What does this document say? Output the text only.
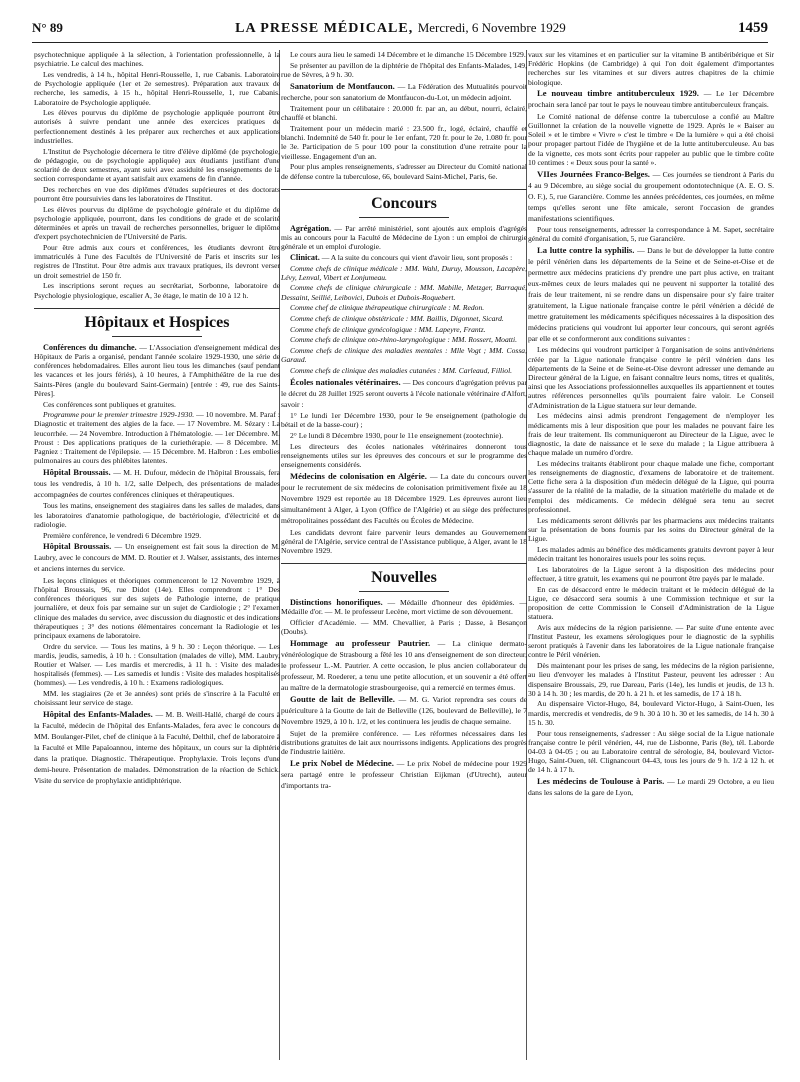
N° 89	LA PRESSE MÉDICALE, Mercredi, 6 Novembre 1929	1459

psychotechnique appliquée à la sélection, à l'orientation professionnelle, à la psychiatrie. Le calcul des machines.

Les vendredis, à 14 h., hôpital Henri-Rousselle, 1, rue Cabanis. Laboratoire de Psychologie appliquée (1er et 2e semestres). Préparation aux travaux de recherche, les samedis, à 15 h., hôpital Henri-Rousselle, 1, rue Cabanis. Laboratoire de Psychologie appliquée.

Les élèves pourvus du diplôme de psychologie appliquée pourront être autorisés à suivre pendant une année des exercices pratiques de perfectionnement destinés à les préparer aux recherches et aux applications industrielles.

L'Institut de Psychologie décernera le titre d'élève diplômé (de psychologie, de pédagogie, ou de psychologie appliquée) aux étudiants justifiant d'une scolarité de deux semestres, ayant suivi avec assiduité les enseignements de la section correspondante et ayant satisfait aux examens de fin d'année.

Des recherches en vue des diplômes d'études supérieures et des doctorats pourront être poursuivies dans les laboratoires de l'Institut.

Les élèves pourvus du diplôme de psychologie générale et du diplôme de psychologie appliquée, pourront, dans les conditions de grade et de scolarité déterminées et après un travail de recherches personnelles, briguer le diplôme d'expert psychotechnicien de l'Université de Paris.

Pour être admis aux cours et conférences, les étudiants devront être immatriculés à l'une des Facultés de l'Université de Paris et inscrits sur les registres de l'Institut. Pour être admis aux travaux pratiques, ils devront verser un droit semestriel de 150 fr.

Les inscriptions seront reçues au secrétariat, Sorbonne, laboratoire de Psychologie physiologique, escalier A, 3e étage, le matin de 10 à 12 h.

Hôpitaux et Hospices

Conférences du dimanche. — L'Association d'enseignement médical des Hôpitaux de Paris a organisé, pendant l'année scolaire 1929-1930, une série de conférences hebdomadaires. Elles auront lieu tous les dimanches (sauf pendant les vacances et les jours fériés), à 10 heures, à l'Amphithéâtre de la rue des Saints-Pères (angle du boulevard Saint-Germain) [entrée : 49, rue des Saints-Pères].

Ces conférences sont publiques et gratuites.

Programme pour le premier trimestre 1929-1930. — 10 novembre. M. Paraf : Diagnostic et traitement des algies de la face. — 17 Novembre. M. Sézary : La leucorrhée. — 24 Novembre. Introduction à l'hématologie. — 1er Décembre. M. Proust : Des applications pratiques de la curiethérapie. — 8 Décembre. M. Pagniez : Traitement de l'épilepsie. — 15 Décembre. M. Halbron : Les embolies pulmonaires au cours des phlébites latentes.

Hôpital Broussais. — M. H. Dufour, médecin de l'hôpital Broussais, fera tous les vendredis, à 10 h. 1/2, salle Delpech, des présentations de malades accompagnées de courtes conférences cliniques et thérapeutiques.

Tous les matins, enseignement des stagiaires dans les salles de malades, dans les laboratoires d'anatomie pathologique, de bactériologie, d'électricité et de radiologie.

Première conférence, le vendredi 6 Décembre 1929.

Hôpital Broussais. — Un enseignement est fait sous la direction de M. Laubry, avec le concours de MM. D. Routier et J. Walser, assistants, des internes et anciens internes du service.

Les leçons cliniques et théoriques commenceront le 12 Novembre 1929, à l'hôpital Broussais, 96, rue Didot (14e). Elles comprendront : 1° Des conférences théoriques sur des sujets de Pathologie interne, de pratique journalière, et deux fois par semaine sur un sujet de Cardiologie ; 2° l'examen clinique des malades du service, avec discussion du diagnostic et des indications thérapeutiques ; 3° des notions élémentaires concernant la Radiologie et les principaux examens de laboratoire.

Ordre du service. — Tous les matins, à 9 h. 30 : Leçon théorique. — Les mardis, jeudis, samedis, à 10 h. : Consultation (malades de ville), MM. Laubry, Routier et Walser. — Les mardis et mercredis, à 11 h. : Visite des malades hospitalisés (femmes). — Les samedis et lundis : Visite des malades hospitalisés (hommes). — Les vendredis, à 10 h. : Examens radiologiques.

MM. les stagiaires (2e et 3e années) sont priés de s'inscrire à la Faculté en choisissant leur service de stage.

Hôpital des Enfants-Malades. — M. B. Weill-Hallé, chargé de cours à la Faculté, médecin de l'hôpital des Enfants-Malades, fera avec le concours de MM. Boulanger-Pilet, chef de clinique à la Faculté, Delthil, chef de laboratoire à la Faculté et Mlle Papaïoannou, interne des hôpitaux, un cours sur la diphtérie dans la pratique. Diagnostic. Thérapeutique. Prophylaxie. Trois leçons d'une demi-heure. Présentation de malades. Démonstration de la réaction de Schick. Visite du service de prophylaxie antidiphtérique.

Le cours aura lieu le samedi 14 Décembre et le dimanche 15 Décembre 1929.

Se présenter au pavillon de la diphtérie de l'hôpital des Enfants-Malades, 149, rue de Sèvres, à 9 h. 30.

Sanatorium de Montfaucon. — La Fédération des Mutualités pourvoit recherche, pour son sanatorium de Montfaucon-du-Lot, un médecin adjoint.

Traitement pour un célibataire : 20.000 fr. par an, au début, nourri, éclairé, chauffé et blanchi.

Traitement pour un médecin marié : 23.500 fr., logé, éclairé, chauffé et blanchi. Indemnité de 540 fr. pour le 1er enfant, 720 fr. pour le 2e, 1.080 fr. pour le 3e. Participation de 5 pour 100 pour la constitution d'une retraite pour la vieillesse. Engagement d'un an.

Pour plus amples renseignements, s'adresser au Directeur du Comité national de défense contre la tuberculose, 66, boulevard Saint-Michel, Paris, 6e.

Concours

Agrégation. — Par arrêté ministériel, sont ajoutés aux emplois d'agrégés mis au concours pour la Faculté de Médecine de Lyon : un emploi de chirurgie générale et un emploi d'urologie.

Clinicat. — A la suite du concours qui vient d'avoir lieu, sont proposés :

Comme chefs de clinique médicale : MM. Wahl, Duruy, Mousson, Lacapère, Lévy, Lenval, Vibert et Lonjumeau.

Comme chefs de clinique chirurgicale : MM. Mabille, Metzger, Barraqué, Dessaint, Seillié, Leibovici, Dubois et Dubois-Roquebert.

Comme chef de clinique thérapeutique chirurgicale : M. Redon.

Comme chefs de clinique obstétricale : MM. Baillis, Digonnet, Sicard.

Comme chefs de clinique gynécologique : MM. Lapeyre, Frantz.

Comme chefs de clinique oto-rhino-laryngologique : MM. Rossert, Moatti.

Comme chefs de clinique des maladies mentales : Mlle Vogt ; MM. Cossa, Garaud.

Comme chefs de clinique des maladies cutanées : MM. Carleaud, Filliol.

Écoles nationales vétérinaires. — Des concours d'agrégation prévus par le décret du 28 Juillet 1925 seront ouverts à l'école nationale vétérinaire d'Alfort, savoir :

1° Le lundi 1er Décembre 1930, pour le 9e enseignement (pathologie du bétail et de la basse-cour) ;

2° Le lundi 8 Décembre 1930, pour le 11e enseignement (zootechnie).

Les directeurs des écoles nationales vétérinaires donneront tous renseignements utiles sur les épreuves des concours et sur le programme des enseignements considérés.

Médecins de colonisation en Algérie. — La date du concours ouvert pour le recrutement de six médecins de colonisation primitivement fixée au 18 Novembre 1929 est reportée au 18 Décembre 1929. Les épreuves auront lieu simultanément à Alger, à Lyon (Office de l'Algérie) et au siège des préfectures métropolitaines possédant des Facultés ou Écoles de Médecine.

Les candidats devront faire parvenir leurs demandes au Gouvernement général de l'Algérie, service central de l'Assistance publique, à Alger, avant le 18 Novembre 1929.

Nouvelles

Distinctions honorifiques. — Médaille d'honneur des épidémies. — Médaille d'or. — M. le professeur Lecène, mort victime de son dévouement.

Officier d'Académie. — MM. Chevallier, à Paris ; Dasse, à Besançon (Doubs).

Hommage au professeur Pautrier. — La clinique dermato-vénéréologique de Strasbourg a fêté les 10 ans d'enseignement de son directeur, le professeur L.-M. Pautrier. A cette occasion, le plus ancien collaborateur du professeur, M. Roederer, a tenu une petite allocution, et un souvenir a été offert au maître de la dermatologie strasbourgeoise, qui a remercié en termes émus.

Goutte de lait de Belleville. — M. G. Variot reprendra ses cours de puériculture à la Goutte de lait de Belleville (126, boulevard de Belleville), le 7 Novembre 1929, à 10 h. 1/2, et les continuera les jeudis de chaque semaine.

Sujet de la première conférence. — Les réformes nécessaires dans les distributions gratuites de lait aux nourrissons indigents. Applications des progrès de l'industrie laitière.

Le prix Nobel de Médecine. — Le prix Nobel de médecine pour 1929 sera partagé entre le professeur Christian Eijkman (d'Utrecht), auteur d'importants tra-

vaux sur les vitamines et en particulier sur la vitamine B antibéribérique et Sir Frédéric Hopkins (de Cambridge) à qui l'on doit également d'importantes recherches sur les vitamines et sur divers autres chapitres de la chimie biologique.

Le nouveau timbre antituberculeux 1929. — Le 1er Décembre prochain sera lancé par tout le pays le nouveau timbre antituberculeux français.

Le Comité national de défense contre la tuberculose a confié au Maître Guillonnet la création de la nouvelle vignette de 1929. Après le « Baiser au Soleil » et le timbre « Vivre » c'est le timbre « De la lumière » qui a été choisi pour propager partout l'idée de l'hygiène et de la lutte antituberculeuse. Au bas de la vignette, ces mots sont écrits pour rappeler au public que le timbre coûte 10 centimes : « Deux sous pour la santé ».

VIIes Journées Franco-Belges. — Ces journées se tiendront à Paris du 4 au 9 Décembre, au siège social du groupement odontotechnique (A. E. O. S. O. F.), 5, rue Garancière. Comme les années précédentes, ces journées, en même temps qu'elles seront une fête amicale, seront l'occasion de grandes manifestations scientifiques.

Pour tous renseignements, adresser la correspondance à M. Sapet, secrétaire général du comité d'organisation, 5, rue Garancière.

La lutte contre la syphilis. — Dans le but de développer la lutte contre le péril vénérien dans les départements de la Seine et de Seine-et-Oise et de permettre aux médecins praticiens d'y prendre une part plus active, en traitant eux-mêmes ceux de leurs malades qui ne peuvent ni supporter la totalité des frais de leur traitement, ni se rendre dans un dispensaire pour s'y faire traiter gratuitement, la Ligue nationale française contre le péril vénérien a décidé de mettre gratuitement les médicaments spécifiques nécessaires à la disposition des médecins praticiens qui voudront lui apporter leur concours, qui seront agréés par elle et se conformeront aux conditions suivantes :

Les médecins qui voudront participer à l'organisation de soins antivénériens créée par la Ligue nationale française contre le péril vénérien dans les départements de la Seine et de Seine-et-Oise devront adresser une demande au Directeur général de la Ligue, en faisant connaître leurs noms, titres et qualités, ainsi que les Associations professionnelles auxquelles ils appartiennent et toutes autres références personnelles qu'ils pourraient faire valoir. Le Conseil d'Administration de la Ligue statuera sur leur demande.

Les médecins ainsi admis prendront l'engagement de n'employer les médicaments mis à leur disposition que pour les malades ne pouvant faire les frais de leur traitement. Ils communiqueront au Directeur de la Ligue, avec le diagnostic, la date de naissance et le sexe du malade ; la Ligue attribuera à chaque malade un numéro d'ordre.

Les médecins traitants établiront pour chaque malade une fiche, comportant les renseignements de diagnostic, d'examens de laboratoire et de traitement. Cette fiche sera à la disposition d'un médecin délégué de la Ligue, qui pourra s'assurer de la réalité de la maladie, de la situation matérielle du malade et de l'emploi des médicaments. Ce médecin délégué sera tenu au secret professionnel.

Les médicaments seront délivrés par les pharmaciens aux médecins traitants sur la présentation de bons fournis par les soins du Directeur général de la Ligue.

Les malades admis au bénéfice des médicaments gratuits devront payer à leur médecin traitant les honoraires usuels pour les soins reçus.

Les laboratoires de la Ligue seront à la disposition des médecins pour effectuer, à titre gratuit, les examens qui ne pourront être payés par le malade.

En cas de désaccord entre le médecin traitant et le médecin délégué de la Ligue, ce désaccord sera soumis à une Commission technique et sur la proposition de cette Commission le Conseil d'Administration de la Ligue statuera.

Avis aux médecins de la région parisienne. — Par suite d'une entente avec l'Institut Pasteur, les examens sérologiques pour le diagnostic de la syphilis seront pratiqués à l'avenir dans les laboratoires de la Ligue nationale française contre le Péril vénérien.

Dès maintenant pour les prises de sang, les médecins de la région parisienne, au lieu d'envoyer les malades à l'Institut Pasteur, peuvent les adresser : Au dispensaire Broussais, 29, rue Dareau, Paris (14e), les lundis et jeudis, de 13 h. 30 à 14 h. 30 ; les mardis, de 20 h. à 21 h. et les samedis, de 17 à 18 h.

Au dispensaire Victor-Hugo, 84, boulevard Victor-Hugo, à Saint-Ouen, les mardis, mercredis et vendredis, de 9 h. 30 à 10 h. 30 et les samedis, de 14 h. 30 à 15 h. 30.

Pour tous renseignements, s'adresser : Au siège social de la Ligue nationale française contre le péril vénérien, 44, rue de Lisbonne, Paris (8e), tél. Laborde 04-03 à 04-05 ; ou au Laboratoire central de sérologie, 84, boulevard Victor-Hugo, Saint-Ouen, tél. Clignancourt 04-43, tous les jours de 9 h. 1/2 à 12 h. et de 14 h. à 17 h.

Les médecins de Toulouse à Paris. — Le mardi 29 Octobre, a eu lieu dans les salons de la gare de Lyon,
